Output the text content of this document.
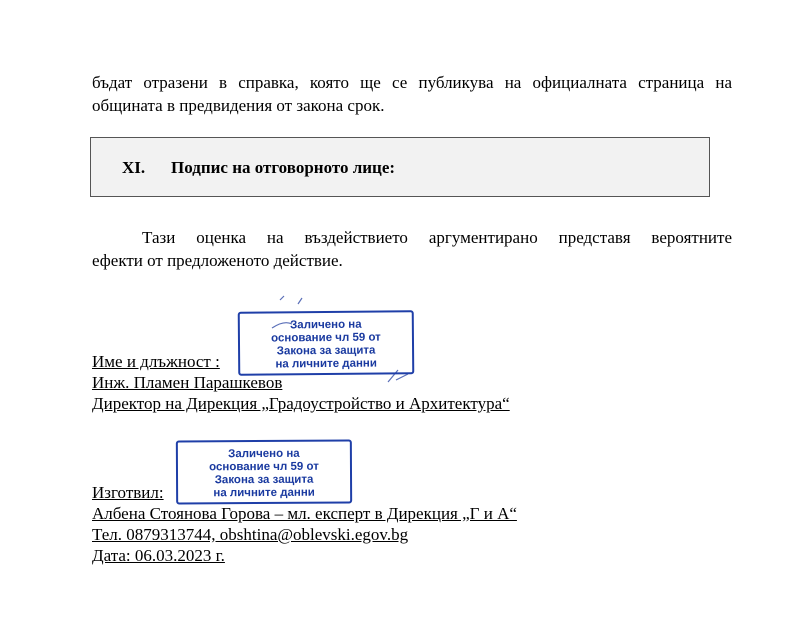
бъдат отразени в справка, която ще се публикува на официалната страница на
общината в предвидения от закона срок.
XI. Подпис на отговорното лице:
Тази оценка на въздействието аргументирано представя вероятните
ефекти от предложеното действие.
Заличено на
основание чл 59 от
Закона за защита
на личните данни
Име и длъжност :
Инж. Пламен Парашкевов
Директор на Дирекция „Градоустройство и Архитектура“
Заличено на
основание чл 59 от
Закона за защита
на личните данни
Изготвил:
Албена Стоянова Горова – мл. експерт в Дирекция „Г и А“
Тел. 0879313744, obshtina@oblevski.egov.bg
Дата: 06.03.2023 г.
